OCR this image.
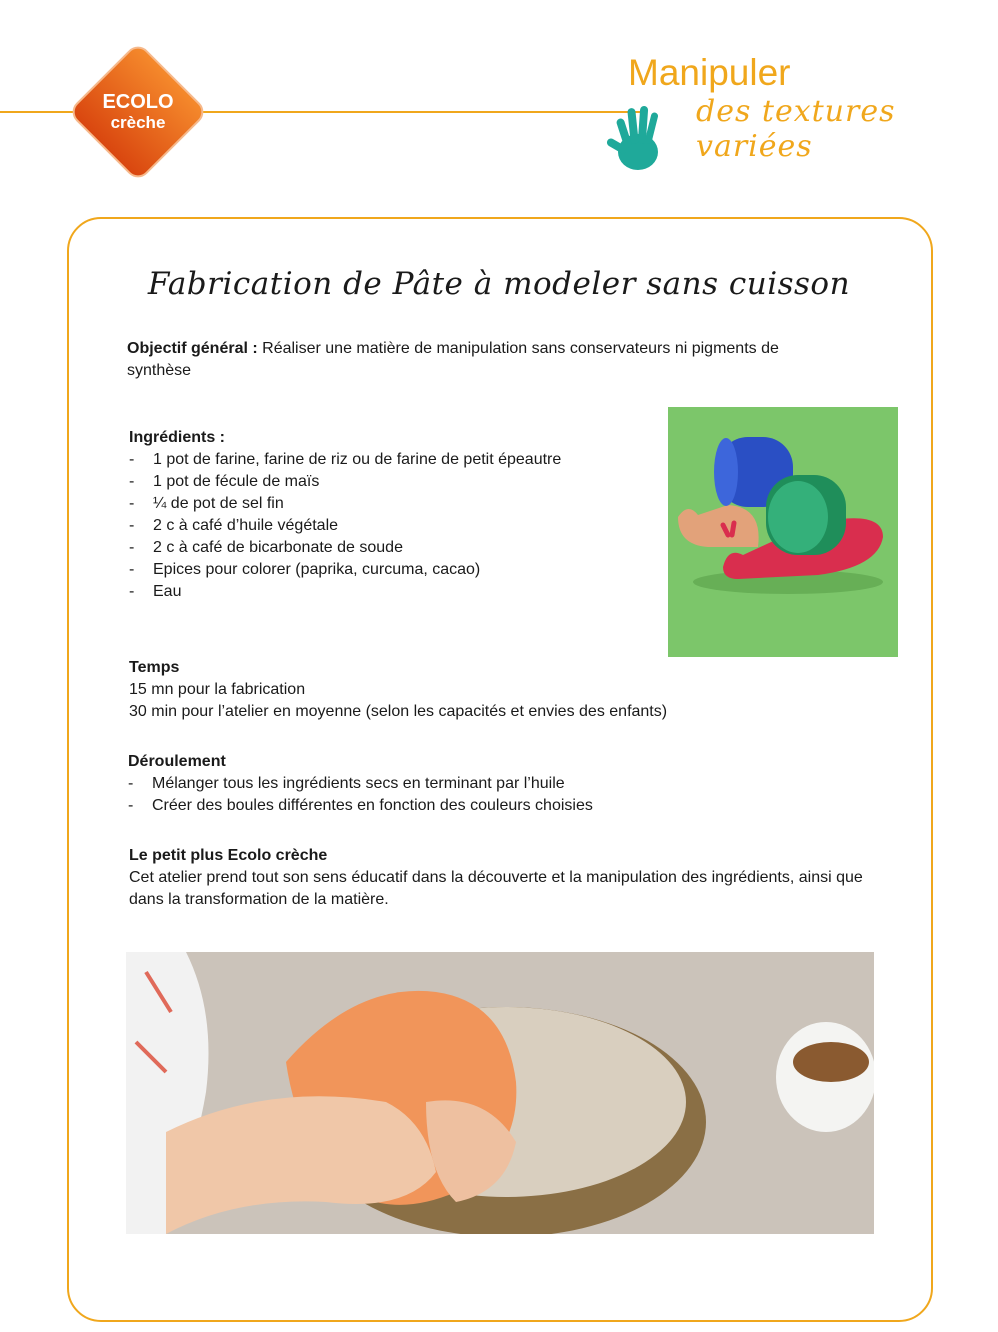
ECOLO
crèche
Manipuler
des textures variées
Fabrication de Pâte à modeler sans cuisson
Objectif général : Réaliser une matière de manipulation sans conservateurs ni pigments de synthèse
Ingrédients :
- 1 pot de farine, farine de riz ou de farine de petit épeautre
- 1 pot de fécule de maïs
- ¼ de pot de sel fin
- 2 c à café d’huile végétale
- 2 c à café de bicarbonate de soude
- Epices pour colorer (paprika, curcuma, cacao)
- Eau
Temps
15 mn pour la fabrication
30 min pour l’atelier en moyenne (selon les capacités et envies des enfants)
Déroulement
- Mélanger tous les ingrédients secs en terminant par l’huile
- Créer des boules différentes en fonction des couleurs choisies
Le petit plus Ecolo crèche
Cet atelier prend tout son sens éducatif dans la découverte et la manipulation des ingrédients, ainsi que dans la transformation de la matière.
